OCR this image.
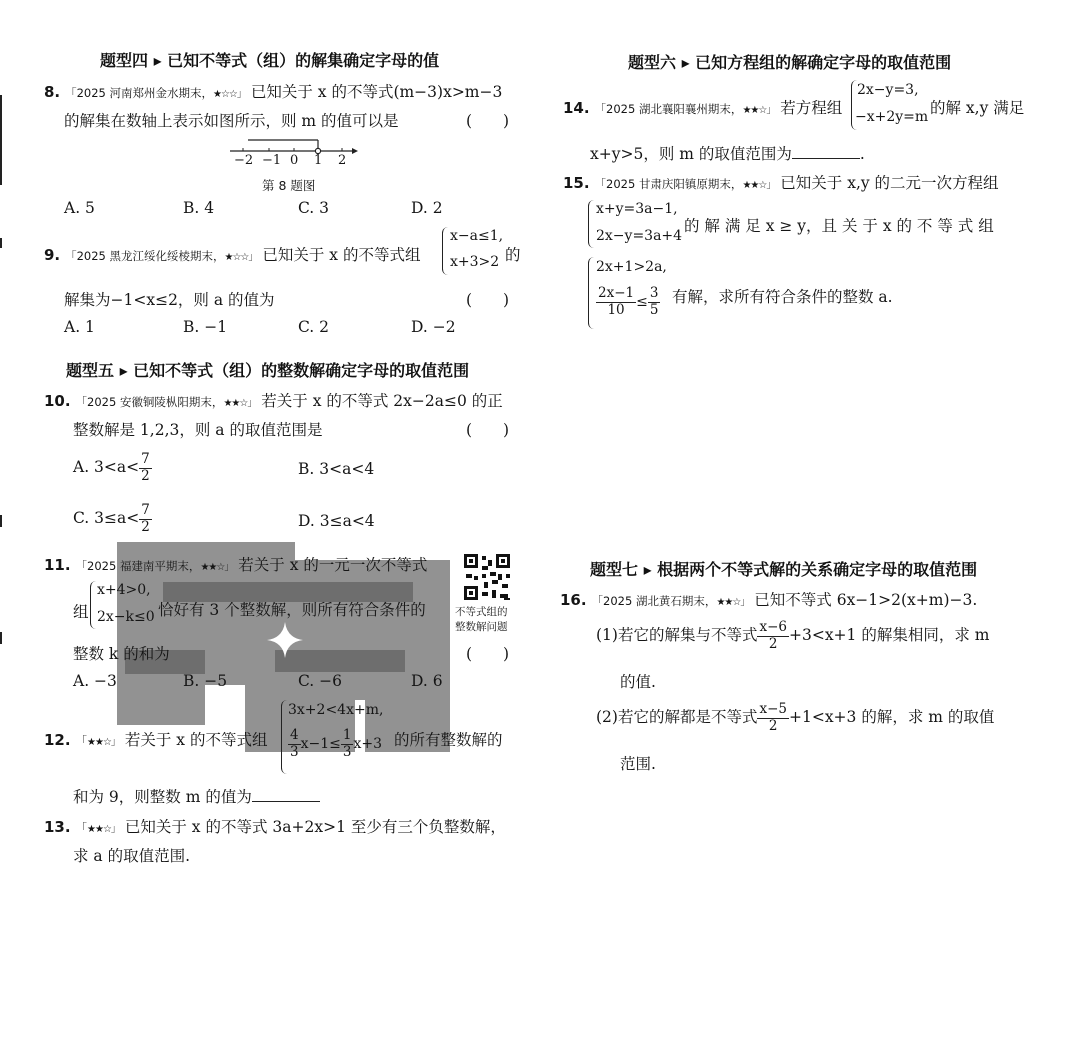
题型四 ▸ 已知不等式（组）的解集确定字母的值
8. 「2025 河南郑州金水期末，★☆☆」 已知关于 x 的不等式(m−3)x>m−3
的解集在数轴上表示如图所示，则 m 的值可以是	(　　)
−2 −1 0 1 2
第 8 题图
A. 5	B. 4	C. 3	D. 2
9. 「2025 黑龙江绥化绥棱期末，★☆☆」 已知关于 x 的不等式组
x−a≤1,
x+3>2 的
解集为−1<x≤2，则 a 的值为	(　　)
A. 1	B. −1	C. 2	D. −2
题型五 ▸ 已知不等式（组）的整数解确定字母的取值范围
10. 「2025 安徽铜陵枞阳期末，★★☆」 若关于 x 的不等式 2x−2a≤0 的正
整数解是 1,2,3，则 a 的取值范围是	(　　)
A. $3<a< \frac{7}{2}$	B. 3<a<4
C. $3\le a< \frac{7}{2}$	D. 3≤a<4
11. 「2025 福建南平期末，★★☆」 若关于 x 的一元一次不等式
组
x+4>0,
2x−k≤0 恰好有 3 个整数解，则所有符合条件的
整数 k 的和为	(　　)
不等式组的
整数解问题
A. −3	B. −5	C. −6	D. 6
12. 「★★☆」 若关于 x 的不等式组
3x+2<4x+m,
$\frac{4}{3} x-1\le \frac{1}{3} x+3$ 的所有整数解的
和为 9，则整数 m 的值为
13. 「★★☆」 已知关于 x 的不等式 3a+2x>1 至少有三个负整数解，
求 a 的取值范围.
题型六 ▸ 已知方程组的解确定字母的取值范围
14. 「2025 湖北襄阳襄州期末，★★☆」 若方程组
2x−y=3,
−x+2y=m 的解 x,y 满足
x+y>5，则 m 的取值范围为	.
15. 「2025 甘肃庆阳镇原期末，★★☆」 已知关于 x,y 的二元一次方程组
x+y=3a−1,
2x−y=3a+4
的 解 满 足 x ≥ y，且 关 于 x 的 不 等 式 组
2x+1>2a,
$\frac{2x-1}{10} \le \frac{3}{5}$ 有解，求所有符合条件的整数 a.
题型七 ▸ 根据两个不等式解的关系确定字母的取值范围
16. 「2025 湖北黄石期末，★★☆」 已知不等式 6x−1>2(x+m)−3.
(1)若它的解集与不等式 $\frac{x-6}{2} +3<x+1$ 的解集相同，求 m
的值.
(2)若它的解都是不等式 $\frac{x-5}{2} +1<x+3$ 的解，求 m 的取值
范围.
